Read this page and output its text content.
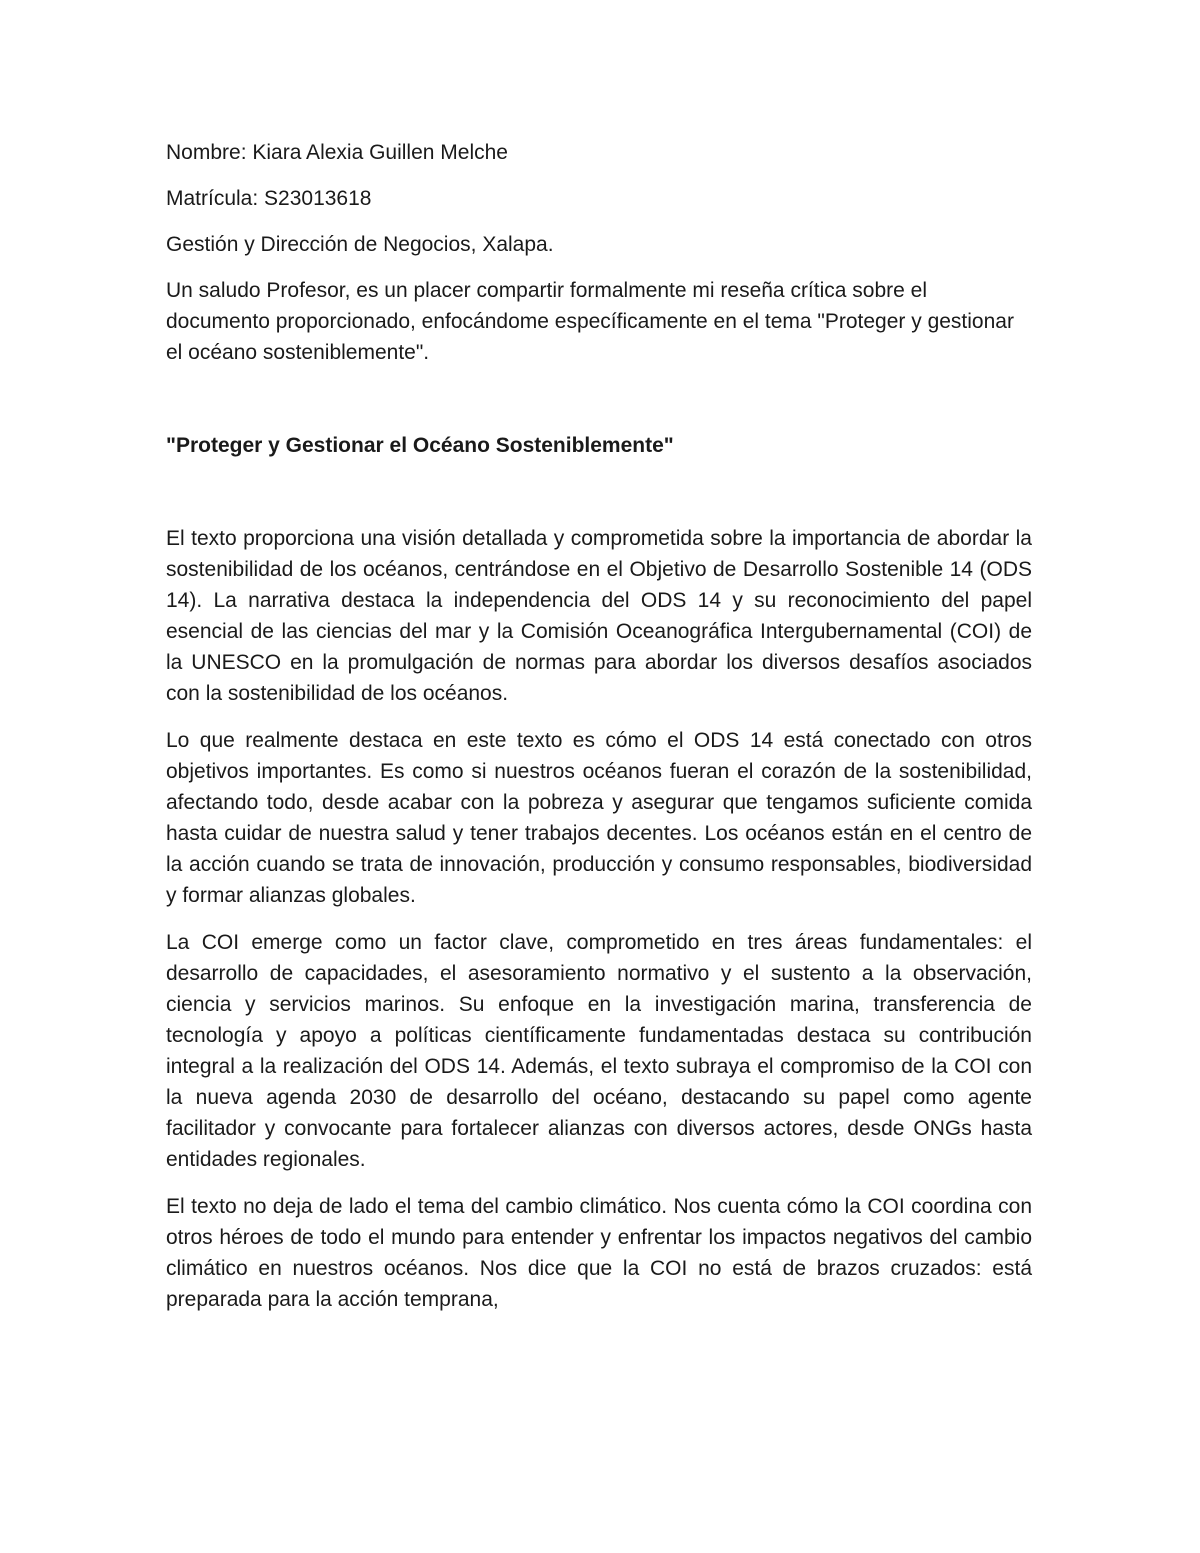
Nombre: Kiara Alexia Guillen Melche

Matrícula: S23013618

Gestión y Dirección de Negocios, Xalapa.

Un saludo Profesor, es un placer compartir formalmente mi reseña crítica sobre el documento proporcionado, enfocándome específicamente en el tema "Proteger y gestionar el océano sosteniblemente".

"Proteger y Gestionar el Océano Sosteniblemente"

El texto proporciona una visión detallada y comprometida sobre la importancia de abordar la sostenibilidad de los océanos, centrándose en el Objetivo de Desarrollo Sostenible 14 (ODS 14). La narrativa destaca la independencia del ODS 14 y su reconocimiento del papel esencial de las ciencias del mar y la Comisión Oceanográfica Intergubernamental (COI) de la UNESCO en la promulgación de normas para abordar los diversos desafíos asociados con la sostenibilidad de los océanos.

Lo que realmente destaca en este texto es cómo el ODS 14 está conectado con otros objetivos importantes. Es como si nuestros océanos fueran el corazón de la sostenibilidad, afectando todo, desde acabar con la pobreza y asegurar que tengamos suficiente comida hasta cuidar de nuestra salud y tener trabajos decentes. Los océanos están en el centro de la acción cuando se trata de innovación, producción y consumo responsables, biodiversidad y formar alianzas globales.

La COI emerge como un factor clave, comprometido en tres áreas fundamentales: el desarrollo de capacidades, el asesoramiento normativo y el sustento a la observación, ciencia y servicios marinos. Su enfoque en la investigación marina, transferencia de tecnología y apoyo a políticas científicamente fundamentadas destaca su contribución integral a la realización del ODS 14. Además, el texto subraya el compromiso de la COI con la nueva agenda 2030 de desarrollo del océano, destacando su papel como agente facilitador y convocante para fortalecer alianzas con diversos actores, desde ONGs hasta entidades regionales.

El texto no deja de lado el tema del cambio climático. Nos cuenta cómo la COI coordina con otros héroes de todo el mundo para entender y enfrentar los impactos negativos del cambio climático en nuestros océanos. Nos dice que la COI no está de brazos cruzados: está preparada para la acción temprana,
